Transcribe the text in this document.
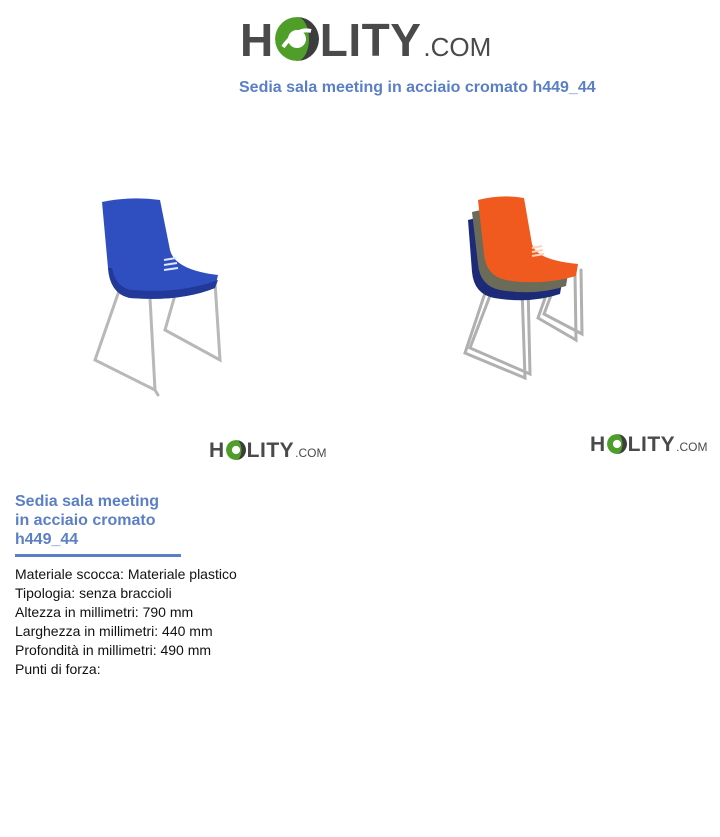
H LITY .COM
Sedia sala meeting in acciaio cromato h449_44
H LITY .COM	H LITY .COM
Sedia sala meeting
in acciaio cromato
h449_44
Materiale scocca: Materiale plastico
Tipologia: senza braccioli
Altezza in millimetri: 790 mm
Larghezza in millimetri: 440 mm
Profondità in millimetri: 490 mm
Punti di forza:
